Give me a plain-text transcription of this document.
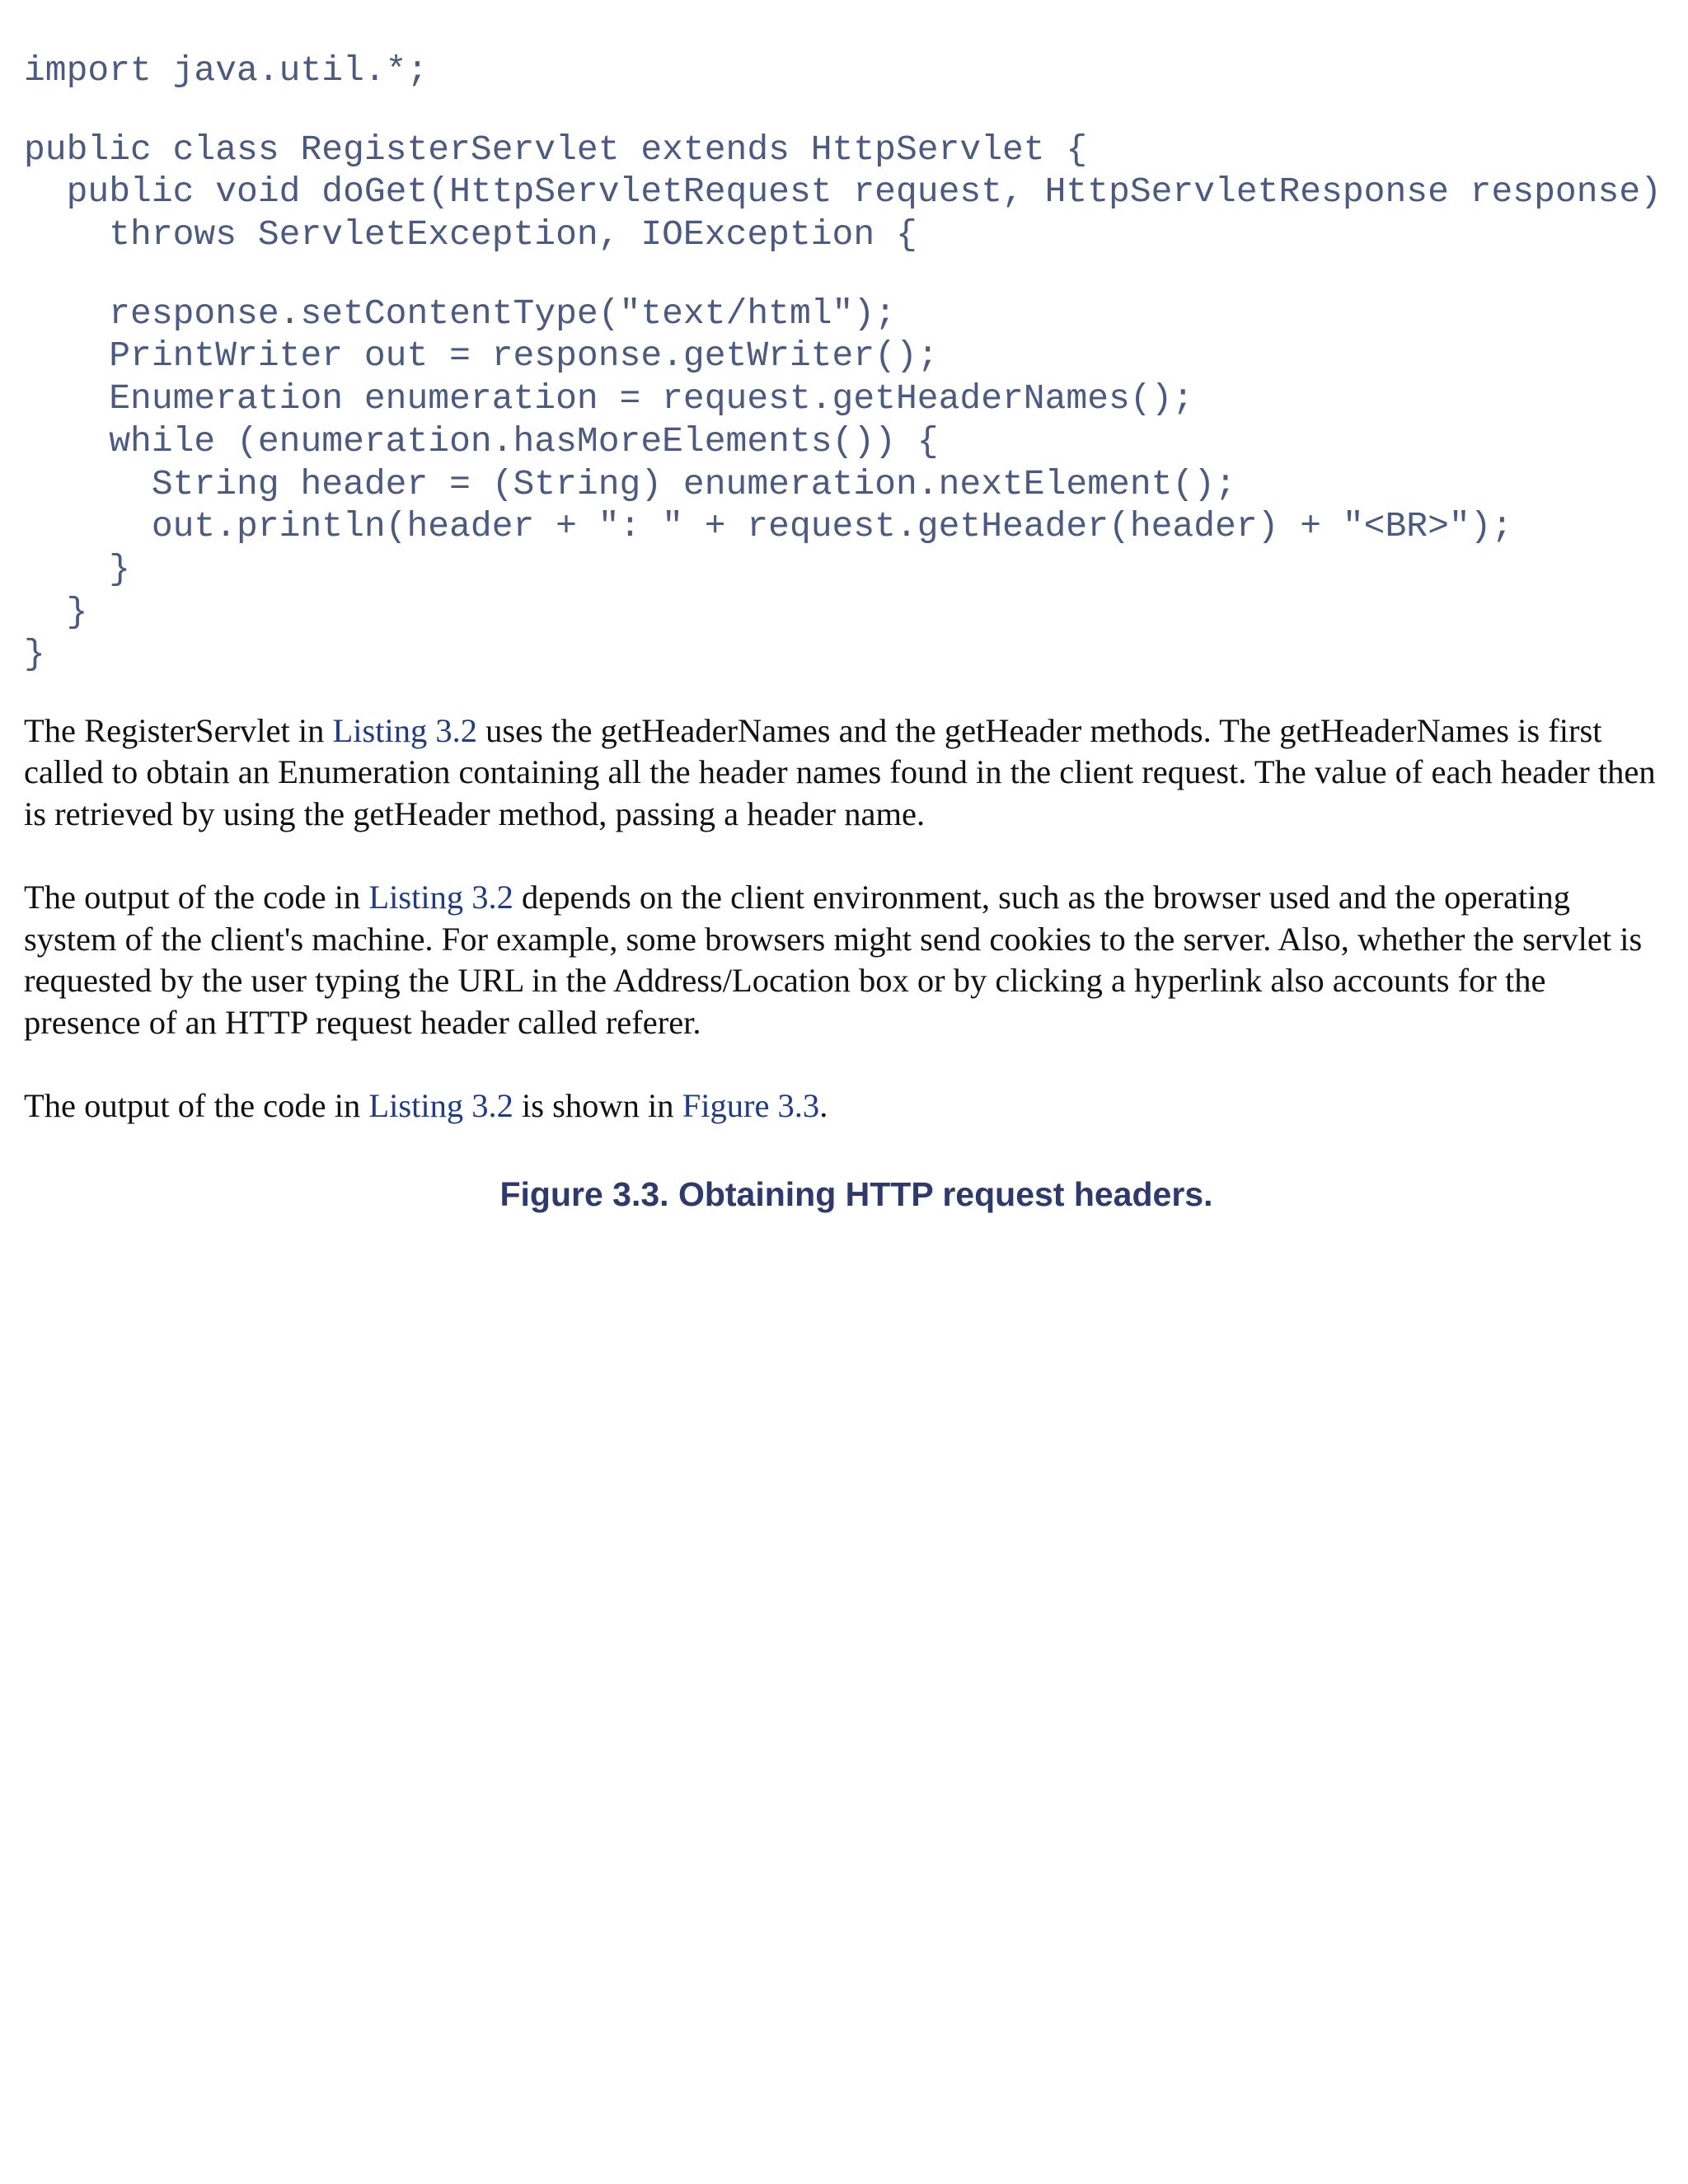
import java.util.*;
public class RegisterServlet extends HttpServlet {
public void doGet(HttpServletRequest request, HttpServletResponse response)
throws ServletException, IOException {
response.setContentType("text/html");
PrintWriter out = response.getWriter();
Enumeration enumeration = request.getHeaderNames();
while (enumeration.hasMoreElements()) {
String header = (String) enumeration.nextElement();
out.println(header + ": " + request.getHeader(header) + "<BR>");
}
}
}

The RegisterServlet in Listing 3.2 uses the getHeaderNames and the getHeader methods. The getHeaderNames is first called to obtain an Enumeration containing all the header names found in the client request. The value of each header then is retrieved by using the getHeader method, passing a header name.

The output of the code in Listing 3.2 depends on the client environment, such as the browser used and the operating system of the client's machine. For example, some browsers might send cookies to the server. Also, whether the servlet is requested by the user typing the URL in the Address/Location box or by clicking a hyperlink also accounts for the presence of an HTTP request header called referer.

The output of the code in Listing 3.2 is shown in Figure 3.3.

Figure 3.3. Obtaining HTTP request headers.
